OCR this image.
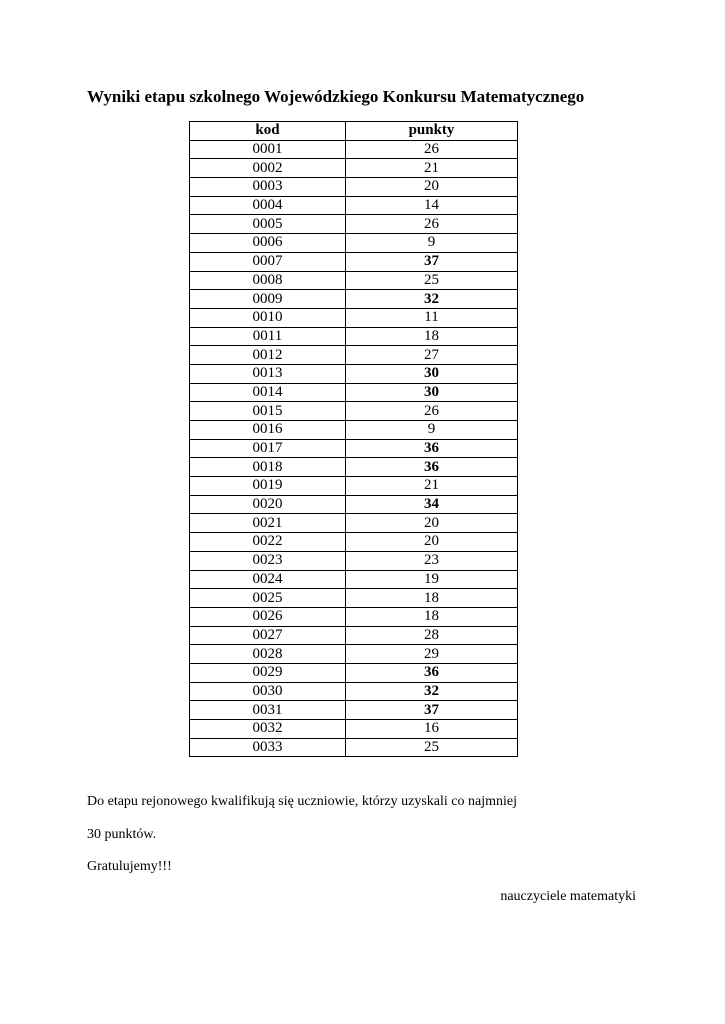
Wyniki etapu szkolnego Wojewódzkiego Konkursu Matematycznego
kod	punkty
0001	26
0002	21
0003	20
0004	14
0005	26
0006	9
0007	37
0008	25
0009	32
0010	11
0011	18
0012	27
0013	30
0014	30
0015	26
0016	9
0017	36
0018	36
0019	21
0020	34
0021	20
0022	20
0023	23
0024	19
0025	18
0026	18
0027	28
0028	29
0029	36
0030	32
0031	37
0032	16
0033	25
Do etapu rejonowego kwalifikują się uczniowie, którzy uzyskali co najmniej
30 punktów.
Gratulujemy!!!
nauczyciele matematyki
